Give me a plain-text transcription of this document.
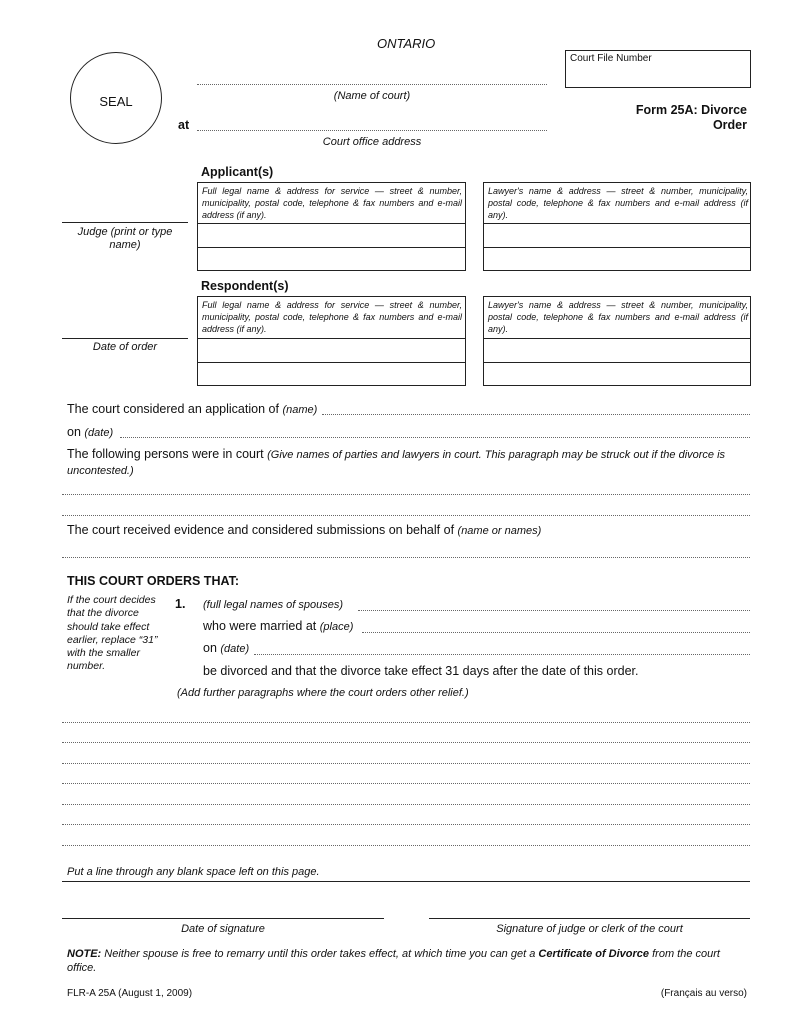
ONTARIO
Court File Number
SEAL	(Name of court)
at
Court office address
Form 25A: Divorce
Order
Judge (print or type name)
Date of order
Applicant(s)
Full legal name & address for service — street & number, municipality, postal code, telephone & fax numbers and e-mail address (if any).
Lawyer's name & address — street & number, municipality, postal code, telephone & fax numbers and e-mail address (if any).
Respondent(s)
Full legal name & address for service — street & number, municipality, postal code, telephone & fax numbers and e-mail address (if any).
Lawyer's name & address — street & number, municipality, postal code, telephone & fax numbers and e-mail address (if any).
The court considered an application of (name)
on (date)
The following persons were in court (Give names of parties and lawyers in court. This paragraph may be struck out if the divorce is uncontested.)
The court received evidence and considered submissions on behalf of (name or names)
THIS COURT ORDERS THAT:
If the court decides that the divorce should take effect earlier, replace “31” with the smaller number.
1. (full legal names of spouses)
who were married at (place)
on (date)
be divorced and that the divorce take effect 31 days after the date of this order.
(Add further paragraphs where the court orders other relief.)
Put a line through any blank space left on this page.
Date of signature	Signature of judge or clerk of the court
NOTE: Neither spouse is free to remarry until this order takes effect, at which time you can get a Certificate of Divorce from the court office.
FLR-A 25A (August 1, 2009)	(Français au verso)
